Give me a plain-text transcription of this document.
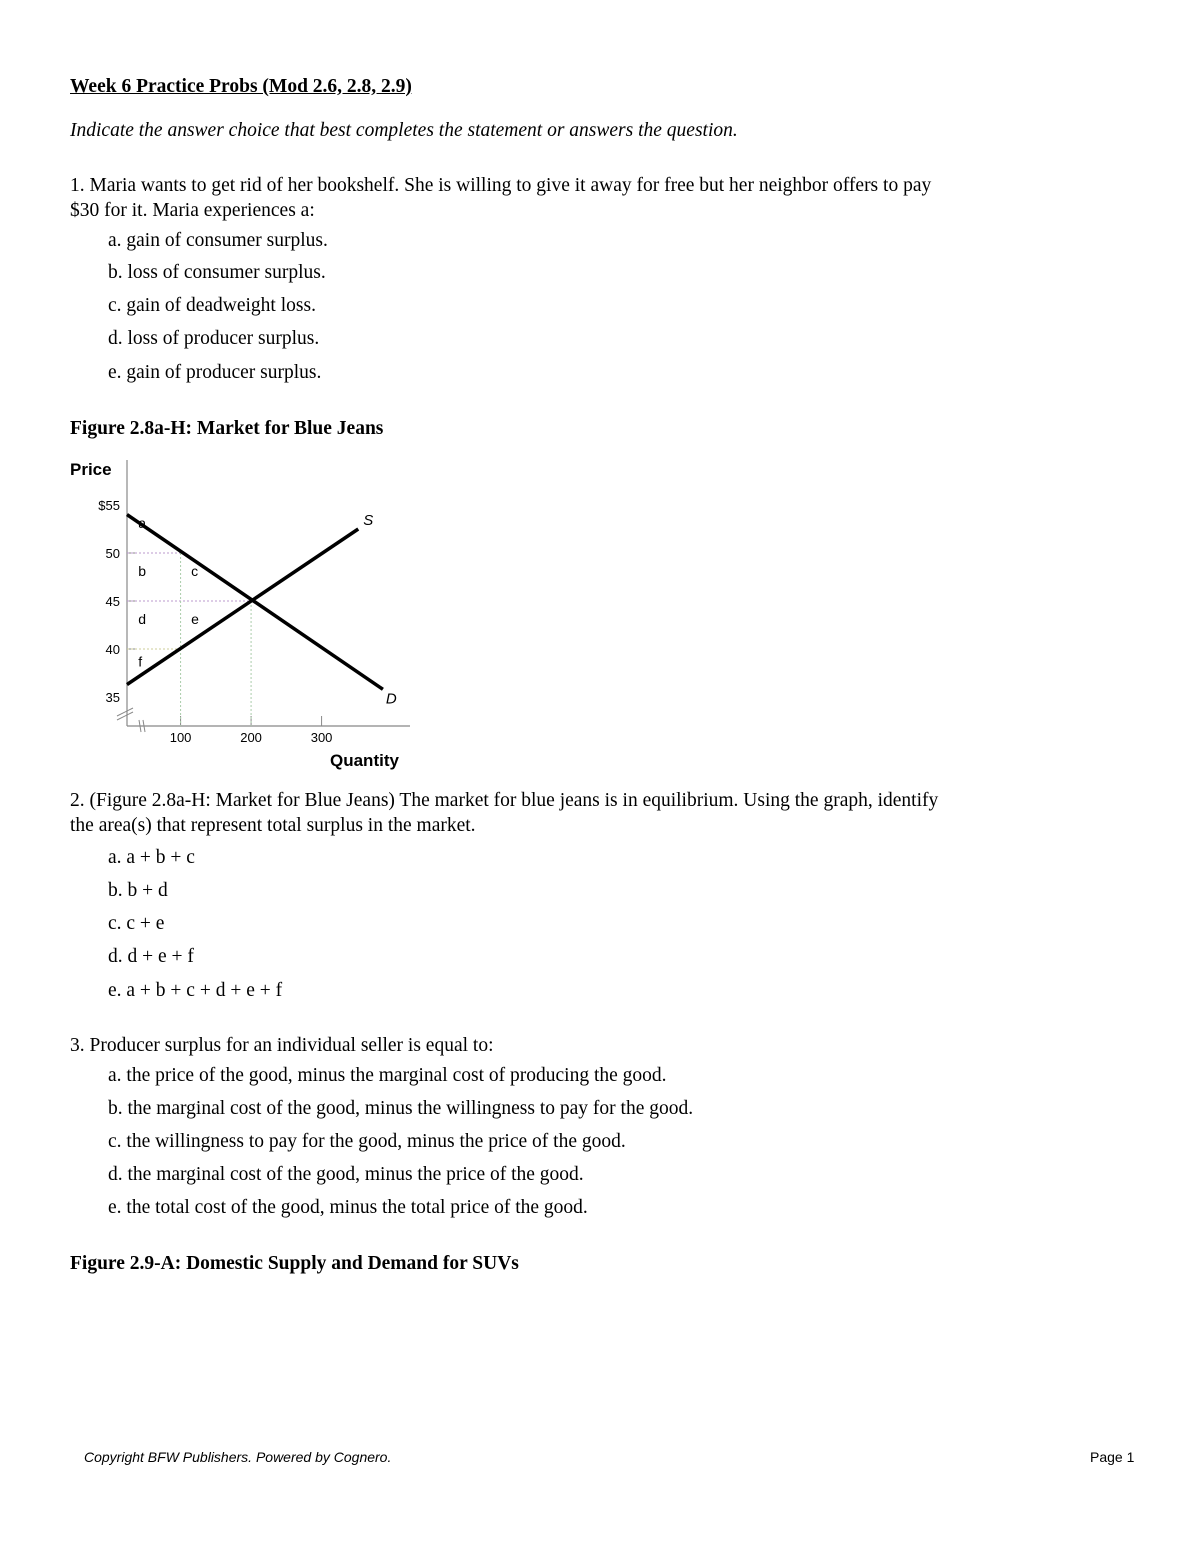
Week 6 Practice Probs (Mod 2.6, 2.8, 2.9)
Indicate the answer choice that best completes the statement or answers the question.
1. Maria wants to get rid of her bookshelf. She is willing to give it away for free but her neighbor offers to pay
$30 for it. Maria experiences a:
a. gain of consumer surplus.
b. loss of consumer surplus.
c. gain of deadweight loss.
d. loss of producer surplus.
e. gain of producer surplus.
Figure 2.8a-H: Market for Blue Jeans
Price
Quantity
$55
50
45
40
35
100	200	300
D
S
a
b	c
d	e
f
2. (Figure 2.8a-H: Market for Blue Jeans) The market for blue jeans is in equilibrium. Using the graph, identify
the area(s) that represent total surplus in the market.
a. a + b + c
b. b + d
c. c + e
d. d + e + f
e. a + b + c + d + e + f
3. Producer surplus for an individual seller is equal to:
a. the price of the good, minus the marginal cost of producing the good.
b. the marginal cost of the good, minus the willingness to pay for the good.
c. the willingness to pay for the good, minus the price of the good.
d. the marginal cost of the good, minus the price of the good.
e. the total cost of the good, minus the total price of the good.
Figure 2.9-A: Domestic Supply and Demand for SUVs
Copyright BFW Publishers. Powered by Cognero.	Page 1
